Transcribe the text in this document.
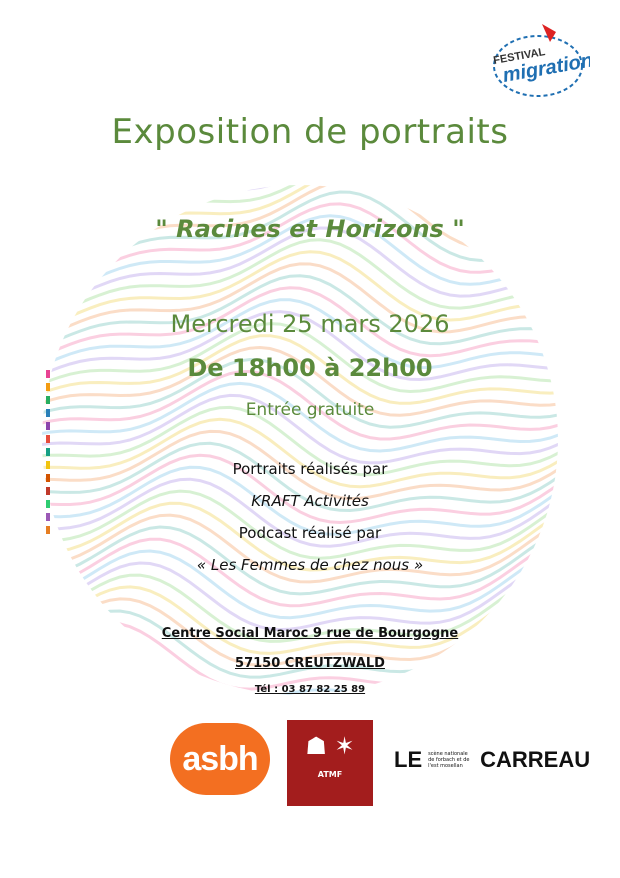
FESTIVAL
migrations
Exposition de portraits
" Racines et Horizons "
Mercredi 25 mars 2026
De 18h00 à 22h00
Entrée gratuite
Portraits réalisés par
KRAFT Activités
Podcast réalisé par
« Les Femmes de chez nous »
Centre Social Maroc 9 rue de Bourgogne
57150 CREUTZWALD
Tél : 03 87 82 25 89
asbh	☗ ✶
ATMF
LE scène nationale de forbach et de l'est mosellan CARREAU
